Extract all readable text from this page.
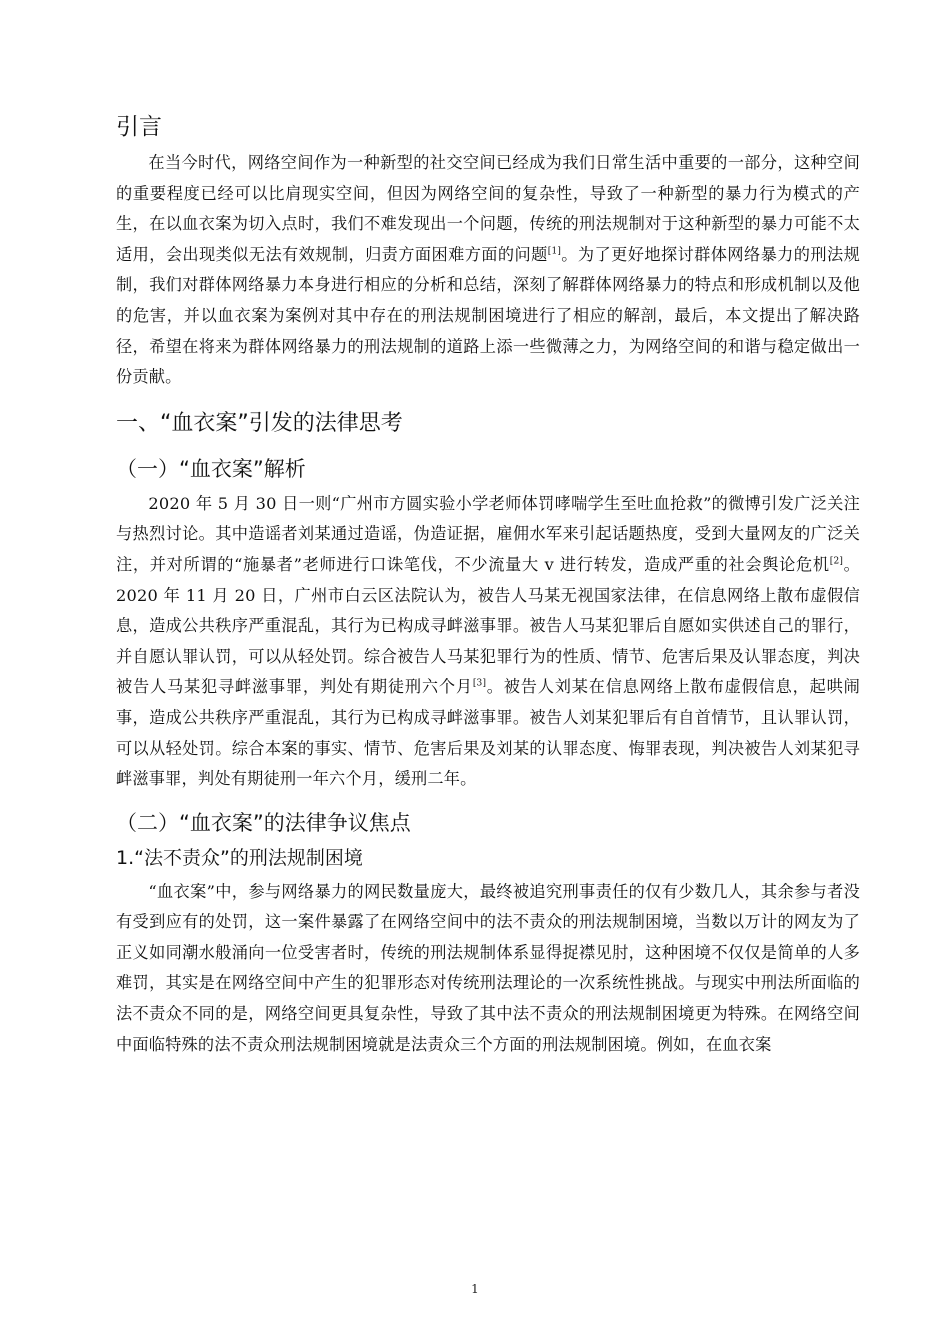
引言

在当今时代，网络空间作为一种新型的社交空间已经成为我们日常生活中重要的一部分，这种空间的重要程度已经可以比肩现实空间，但因为网络空间的复杂性，导致了一种新型的暴力行为模式的产生，在以血衣案为切入点时，我们不难发现出一个问题，传统的刑法规制对于这种新型的暴力可能不太适用，会出现类似无法有效规制，归责方面困难方面的问题[1]。为了更好地探讨群体网络暴力的刑法规制，我们对群体网络暴力本身进行相应的分析和总结，深刻了解群体网络暴力的特点和形成机制以及他的危害，并以血衣案为案例对其中存在的刑法规制困境进行了相应的解剖，最后，本文提出了解决路径，希望在将来为群体网络暴力的刑法规制的道路上添一些微薄之力，为网络空间的和谐与稳定做出一份贡献。

一、“血衣案”引发的法律思考
（一）“血衣案”解析

2020 年 5 月 30 日一则“广州市方圆实验小学老师体罚哮喘学生至吐血抢救”的微博引发广泛关注与热烈讨论。其中造谣者刘某通过造谣，伪造证据，雇佣水军来引起话题热度，受到大量网友的广泛关注，并对所谓的“施暴者”老师进行口诛笔伐，不少流量大 v 进行转发，造成严重的社会舆论危机[2]。2020 年 11 月 20 日，广州市白云区法院认为，被告人马某无视国家法律，在信息网络上散布虚假信息，造成公共秩序严重混乱，其行为已构成寻衅滋事罪。被告人马某犯罪后自愿如实供述自己的罪行，并自愿认罪认罚，可以从轻处罚。综合被告人马某犯罪行为的性质、情节、危害后果及认罪态度，判决被告人马某犯寻衅滋事罪，判处有期徒刑六个月[3]。被告人刘某在信息网络上散布虚假信息，起哄闹事，造成公共秩序严重混乱，其行为已构成寻衅滋事罪。被告人刘某犯罪后有自首情节，且认罪认罚，可以从轻处罚。综合本案的事实、情节、危害后果及刘某的认罪态度、悔罪表现，判决被告人刘某犯寻衅滋事罪，判处有期徒刑一年六个月，缓刑二年。

（二）“血衣案”的法律争议焦点
1.“法不责众”的刑法规制困境

“血衣案”中，参与网络暴力的网民数量庞大，最终被追究刑事责任的仅有少数几人，其余参与者没有受到应有的处罚，这一案件暴露了在网络空间中的法不责众的刑法规制困境，当数以万计的网友为了正义如同潮水般涌向一位受害者时，传统的刑法规制体系显得捉襟见肘，这种困境不仅仅是简单的人多难罚，其实是在网络空间中产生的犯罪形态对传统刑法理论的一次系统性挑战。与现实中刑法所面临的法不责众不同的是，网络空间更具复杂性，导致了其中法不责众的刑法规制困境更为特殊。在网络空间中面临特殊的法不责众刑法规制困境就是法责众三个方面的刑法规制困境。例如，在血衣案

1
